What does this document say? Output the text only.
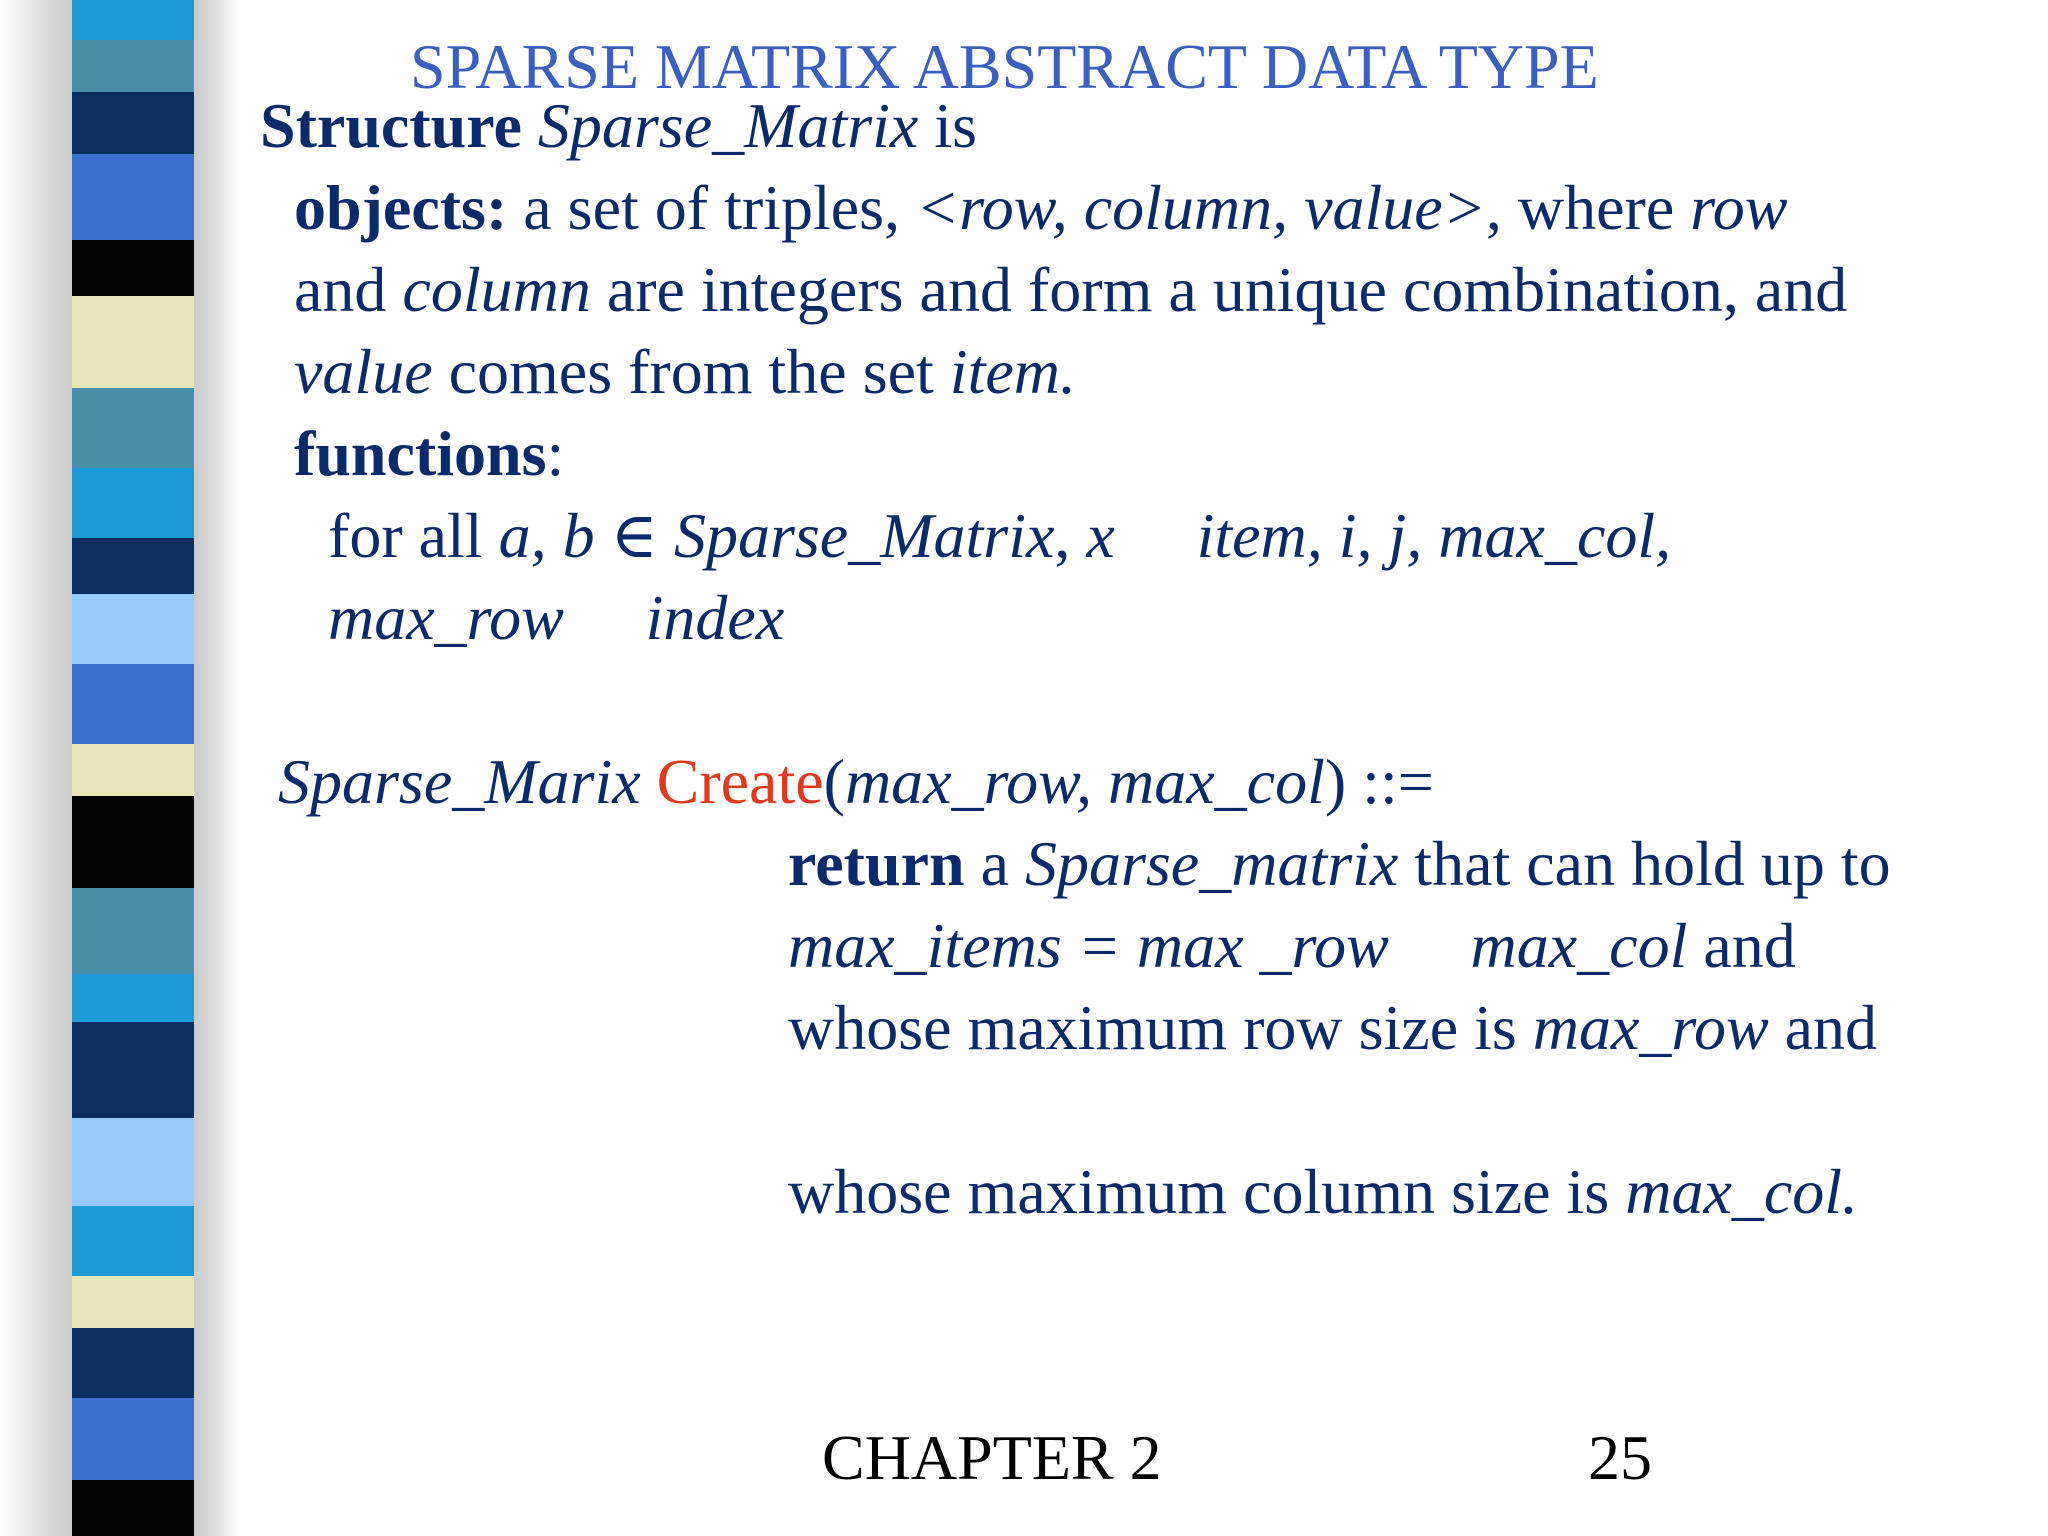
SPARSE MATRIX ABSTRACT DATA TYPE
Structure Sparse_Matrix is
objects: a set of triples, <row, column, value>, where row
and column are integers and form a unique combination, and
value comes from the set item.
functions:
for all a, b ∈ Sparse_Matrix, x item, i, j, max_col,
max_row index
Sparse_Marix Create(max_row, max_col) ::=
return a Sparse_matrix that can hold up to
max_items = max _row max_col and
whose maximum row size is max_row and
whose maximum column size is max_col.
CHAPTER 2	25
